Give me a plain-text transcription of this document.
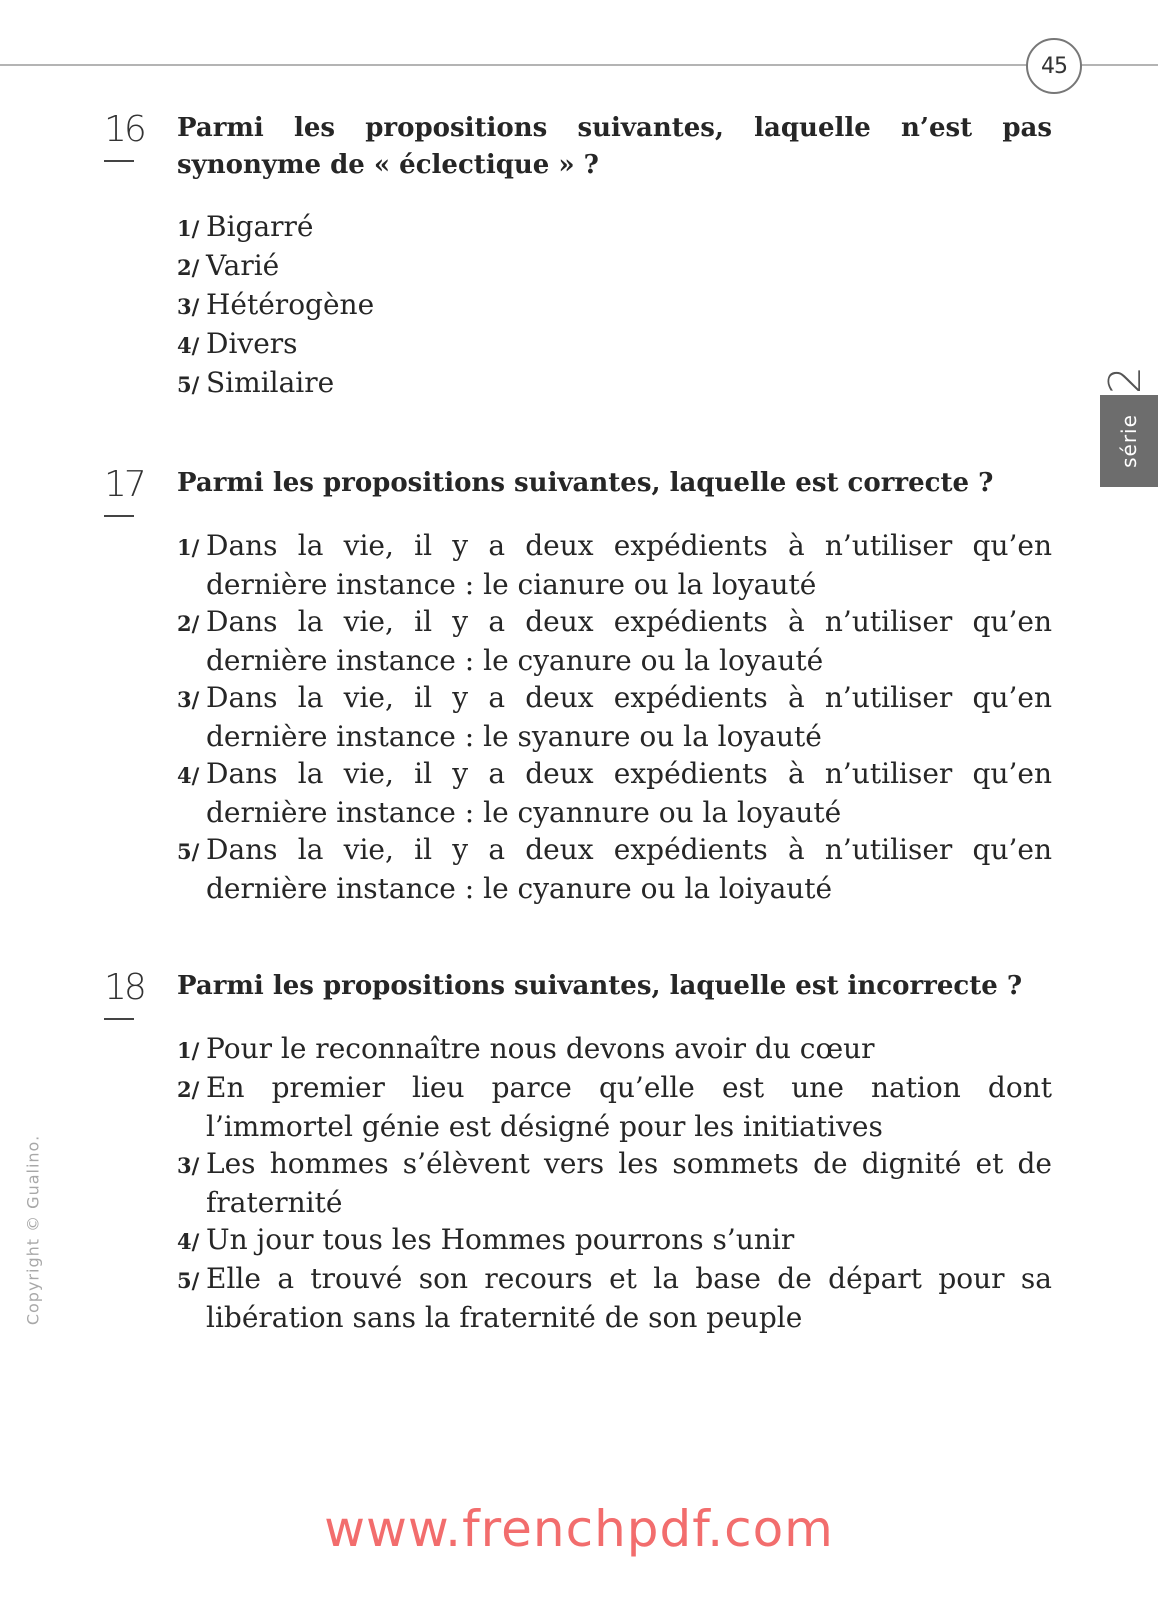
45
2
série
Copyright © Gualino.
16 Parmi les propositions suivantes, laquelle n’est pas synonyme de « éclectique » ?
1/ Bigarré
2/ Varié
3/ Hétérogène
4/ Divers
5/ Similaire
17 Parmi les propositions suivantes, laquelle est correcte ?
1/ Dans la vie, il y a deux expédients à n’utiliser qu’en dernière instance : le cianure ou la loyauté
2/ Dans la vie, il y a deux expédients à n’utiliser qu’en dernière instance : le cyanure ou la loyauté
3/ Dans la vie, il y a deux expédients à n’utiliser qu’en dernière instance : le syanure ou la loyauté
4/ Dans la vie, il y a deux expédients à n’utiliser qu’en dernière instance : le cyannure ou la loyauté
5/ Dans la vie, il y a deux expédients à n’utiliser qu’en dernière instance : le cyanure ou la loiyauté
18 Parmi les propositions suivantes, laquelle est incorrecte ?
1/ Pour le reconnaître nous devons avoir du cœur
2/ En premier lieu parce qu’elle est une nation dont l’immortel génie est désigné pour les initiatives
3/ Les hommes s’élèvent vers les sommets de dignité et de fraternité
4/ Un jour tous les Hommes pourrons s’unir
5/ Elle a trouvé son recours et la base de départ pour sa libération sans la fraternité de son peuple
www.frenchpdf.com
